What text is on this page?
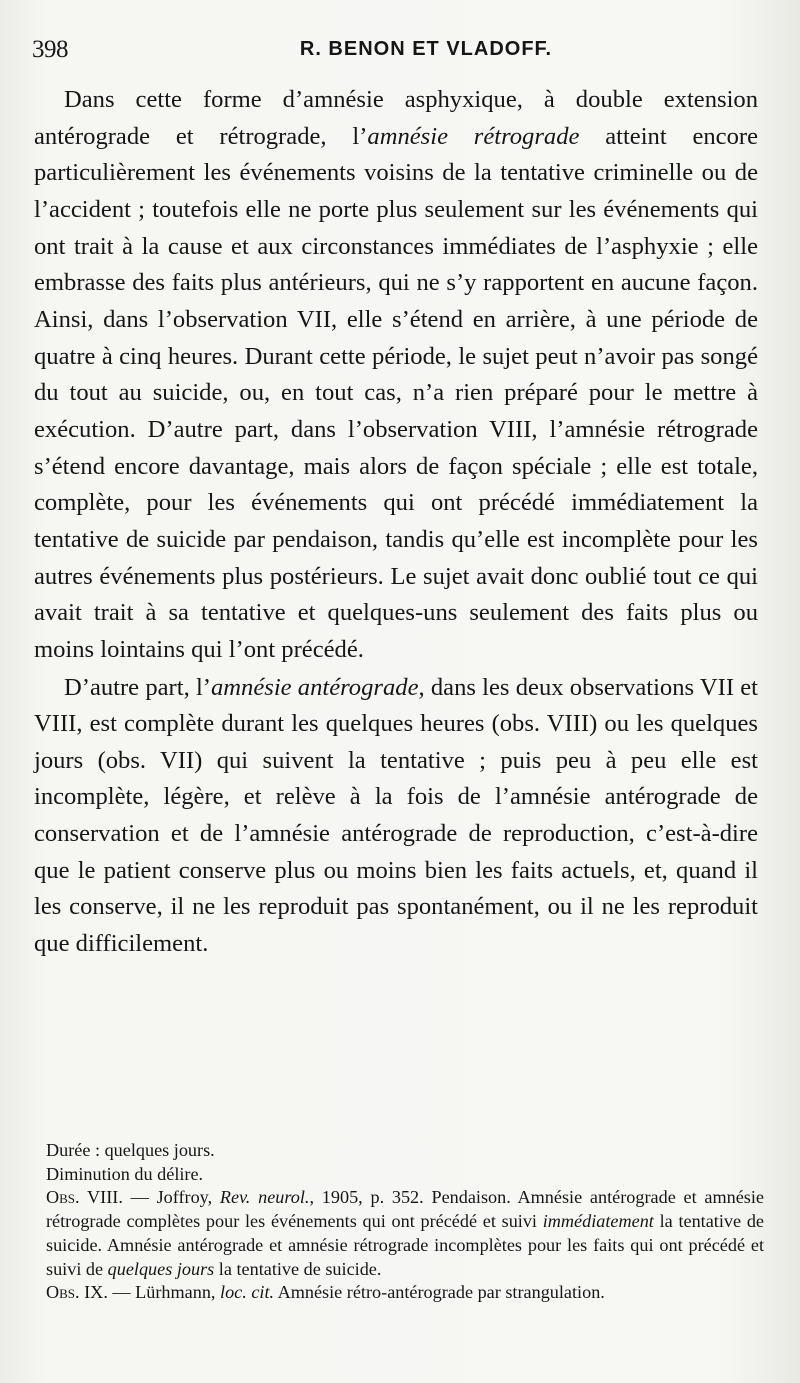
398	R. BENON ET VLADOFF.

Dans cette forme d’amnésie asphyxique, à double extension antérograde et rétrograde, l’amnésie rétrograde atteint encore particulièrement les événements voisins de la tentative criminelle ou de l’accident ; toutefois elle ne porte plus seulement sur les événements qui ont trait à la cause et aux circonstances immédiates de l’asphyxie ; elle embrasse des faits plus antérieurs, qui ne s’y rapportent en aucune façon. Ainsi, dans l’observation VII, elle s’étend en arrière, à une période de quatre à cinq heures. Durant cette période, le sujet peut n’avoir pas songé du tout au suicide, ou, en tout cas, n’a rien préparé pour le mettre à exécution. D’autre part, dans l’observation VIII, l’amnésie rétrograde s’étend encore davantage, mais alors de façon spéciale ; elle est totale, complète, pour les événements qui ont précédé immédiatement la tentative de suicide par pendaison, tandis qu’elle est incomplète pour les autres événements plus postérieurs. Le sujet avait donc oublié tout ce qui avait trait à sa tentative et quelques-uns seulement des faits plus ou moins lointains qui l’ont précédé.

D’autre part, l’amnésie antérograde, dans les deux observations VII et VIII, est complète durant les quelques heures (obs. VIII) ou les quelques jours (obs. VII) qui suivent la tentative ; puis peu à peu elle est incomplète, légère, et relève à la fois de l’amnésie antérograde de conservation et de l’amnésie antérograde de reproduction, c’est-à-dire que le patient conserve plus ou moins bien les faits actuels, et, quand il les conserve, il ne les reproduit pas spontanément, ou il ne les reproduit que difficilement.

Durée : quelques jours.

Diminution du délire.

Obs. VIII. — Joffroy, Rev. neurol., 1905, p. 352. Pendaison. Amnésie antérograde et amnésie rétrograde complètes pour les événements qui ont précédé et suivi immédiatement la tentative de suicide. Amnésie antérograde et amnésie rétrograde incomplètes pour les faits qui ont précédé et suivi de quelques jours la tentative de suicide.

Obs. IX. — Lürhmann, loc. cit. Amnésie rétro-antérograde par strangulation.
